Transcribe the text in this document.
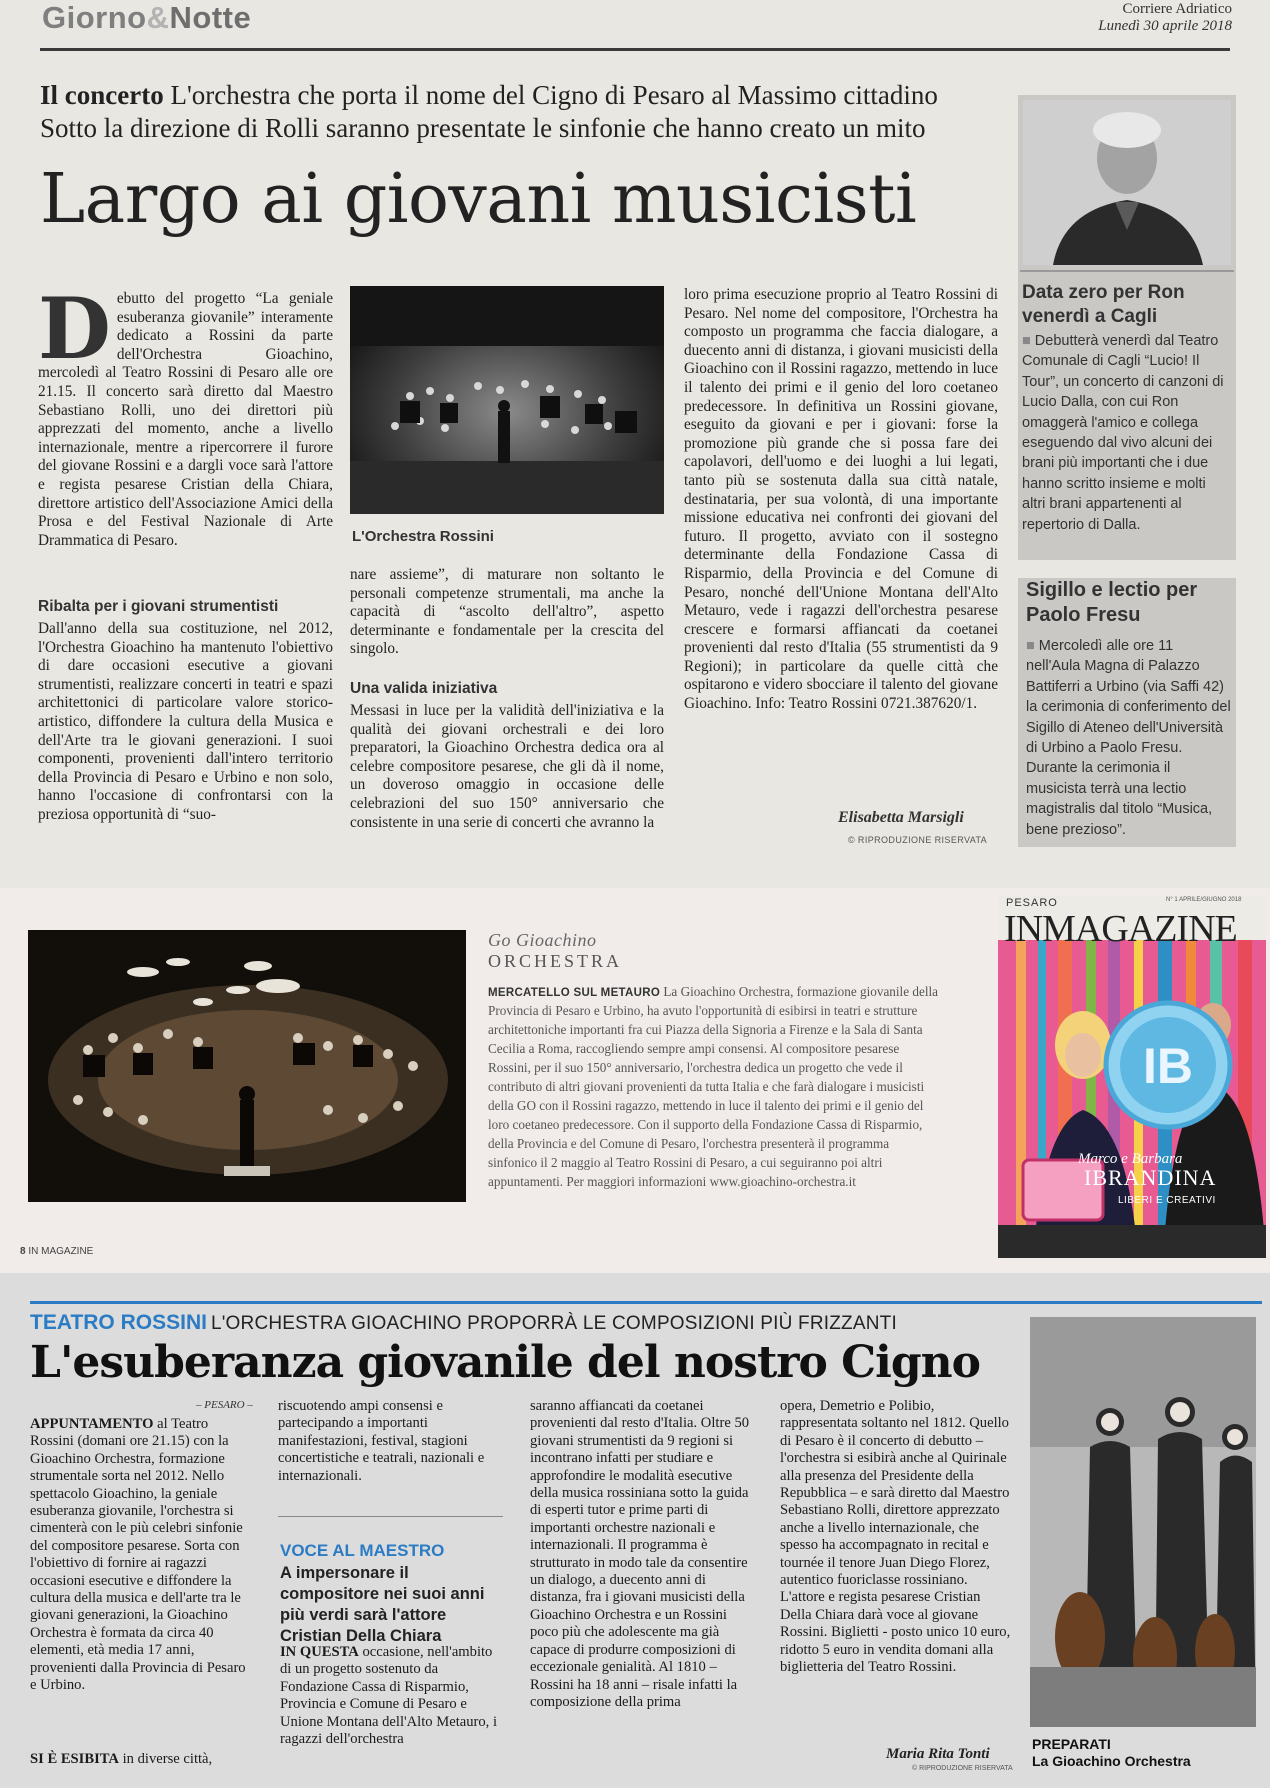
Giorno&Notte	Corriere Adriatico
Lunedì 30 aprile 2018
Il concerto L'orchestra che porta il nome del Cigno di Pesaro al Massimo cittadino
Sotto la direzione di Rolli saranno presentate le sinfonie che hanno creato un mito
Largo ai giovani musicisti
Debutto del progetto “La geniale esuberanza giovanile” interamente dedicato a Rossini da parte dell'Orchestra Gioachino, mercoledì al Teatro Rossini di Pesaro alle ore 21.15. Il concerto sarà diretto dal Maestro Sebastiano Rolli, uno dei direttori più apprezzati del momento, anche a livello internazionale, mentre a ripercorrere il furore del giovane Rossini e a dargli voce sarà l'attore e regista pesarese Cristian della Chiara, direttore artistico dell'Associazione Amici della Prosa e del Festival Nazionale di Arte Drammatica di Pesaro.
Ribalta per i giovani strumentisti
Dall'anno della sua costituzione, nel 2012, l'Orchestra Gioachino ha mantenuto l'obiettivo di dare occasioni esecutive a giovani strumentisti, realizzare concerti in teatri e spazi architettonici di particolare valore storico-artistico, diffondere la cultura della Musica e dell'Arte tra le giovani generazioni. I suoi componenti, provenienti dall'intero territorio della Provincia di Pesaro e Urbino e non solo, hanno l'occasione di confrontarsi con la preziosa opportunità di “suo-
L'Orchestra Rossini
nare assieme”, di maturare non soltanto le personali competenze strumentali, ma anche la capacità di “ascolto dell'altro”, aspetto determinante e fondamentale per la crescita del singolo.
Una valida iniziativa
Messasi in luce per la validità dell'iniziativa e la qualità dei giovani orchestrali e dei loro preparatori, la Gioachino Orchestra dedica ora al celebre compositore pesarese, che gli dà il nome, un doveroso omaggio in occasione delle celebrazioni del suo 150° anniversario che consistente in una serie di concerti che avranno la
loro prima esecuzione proprio al Teatro Rossini di Pesaro. Nel nome del compositore, l'Orchestra ha composto un programma che faccia dialogare, a duecento anni di distanza, i giovani musicisti della Gioachino con il Rossini ragazzo, mettendo in luce il talento dei primi e il genio del loro coetaneo predecessore. In definitiva un Rossini giovane, eseguito da giovani e per i giovani: forse la promozione più grande che si possa fare dei capolavori, dell'uomo e dei luoghi a lui legati, tanto più se sostenuta dalla sua città natale, destinataria, per sua volontà, di una importante missione educativa nei confronti dei giovani del futuro. Il progetto, avviato con il sostegno determinante della Fondazione Cassa di Risparmio, della Provincia e del Comune di Pesaro, nonché dell'Unione Montana dell'Alto Metauro, vede i ragazzi dell'orchestra pesarese crescere e formarsi affiancati da coetanei provenienti dal resto d'Italia (55 strumentisti da 9 Regioni); in particolare da quelle città che ospitarono e videro sbocciare il talento del giovane Gioachino. Info: Teatro Rossini 0721.387620/1.
Elisabetta Marsigli
© RIPRODUZIONE RISERVATA
Data zero per Ron venerdì a Cagli
■ Debutterà venerdì dal Teatro Comunale di Cagli “Lucio! Il Tour”, un concerto di canzoni di Lucio Dalla, con cui Ron omaggerà l'amico e collega eseguendo dal vivo alcuni dei brani più importanti che i due hanno scritto insieme e molti altri brani appartenenti al repertorio di Dalla.
Sigillo e lectio per Paolo Fresu
■ Mercoledì alle ore 11 nell'Aula Magna di Palazzo Battiferri a Urbino (via Saffi 42) la cerimonia di conferimento del Sigillo di Ateneo dell'Università di Urbino a Paolo Fresu. Durante la cerimonia il musicista terrà una lectio magistralis dal titolo “Musica, bene prezioso”.
Go Gioachino
ORCHESTRA
MERCATELLO SUL METAURO La Gioachino Orchestra, formazione giovanile della Provincia di Pesaro e Urbino, ha avuto l'opportunità di esibirsi in teatri e strutture architettoniche importanti fra cui Piazza della Signoria a Firenze e la Sala di Santa Cecilia a Roma, raccogliendo sempre ampi consensi. Al compositore pesarese Rossini, per il suo 150° anniversario, l'orchestra dedica un progetto che vede il contributo di altri giovani provenienti da tutta Italia e che farà dialogare i musicisti della GO con il Rossini ragazzo, mettendo in luce il talento dei primi e il genio del loro coetaneo predecessore. Con il supporto della Fondazione Cassa di Risparmio, della Provincia e del Comune di Pesaro, l'orchestra presenterà il programma sinfonico il 2 maggio al Teatro Rossini di Pesaro, a cui seguiranno poi altri appuntamenti. Per maggiori informazioni www.gioachino-orchestra.it
8 IN MAGAZINE
PESARO
INMAGAZINE
N° 1 APRILE/GIUGNO 2018
IB
Marco e Barbara
IBRANDINA
LIBERI E CREATIVI
TEATRO ROSSINI L'ORCHESTRA GIOACHINO PROPORRÀ LE COMPOSIZIONI PIÙ FRIZZANTI
L'esuberanza giovanile del nostro Cigno
– PESARO –
APPUNTAMENTO al Teatro Rossini (domani ore 21.15) con la Gioachino Orchestra, formazione strumentale sorta nel 2012. Nello spettacolo Gioachino, la geniale esuberanza giovanile, l'orchestra si cimenterà con le più celebri sinfonie del compositore pesarese. Sorta con l'obiettivo di fornire ai ragazzi occasioni esecutive e diffondere la cultura della musica e dell'arte tra le giovani generazioni, la Gioachino Orchestra è formata da circa 40 elementi, età media 17 anni, provenienti dalla Provincia di Pesaro e Urbino.
SI È ESIBITA in diverse città,
riscuotendo ampi consensi e partecipando a importanti manifestazioni, festival, stagioni concertistiche e teatrali, nazionali e internazionali.
VOCE AL MAESTRO
A impersonare il compositore nei suoi anni più verdi sarà l'attore Cristian Della Chiara
IN QUESTA occasione, nell'ambito di un progetto sostenuto da Fondazione Cassa di Risparmio, Provincia e Comune di Pesaro e Unione Montana dell'Alto Metauro, i ragazzi dell'orchestra
saranno affiancati da coetanei provenienti dal resto d'Italia. Oltre 50 giovani strumentisti da 9 regioni si incontrano infatti per studiare e approfondire le modalità esecutive della musica rossiniana sotto la guida di esperti tutor e prime parti di importanti orchestre nazionali e internazionali. Il programma è strutturato in modo tale da consentire un dialogo, a duecento anni di distanza, fra i giovani musicisti della Gioachino Orchestra e un Rossini poco più che adolescente ma già capace di produrre composizioni di eccezionale genialità. Al 1810 – Rossini ha 18 anni – risale infatti la composizione della prima
opera, Demetrio e Polibio, rappresentata soltanto nel 1812. Quello di Pesaro è il concerto di debutto – l'orchestra si esibirà anche al Quirinale alla presenza del Presidente della Repubblica – e sarà diretto dal Maestro Sebastiano Rolli, direttore apprezzato anche a livello internazionale, che spesso ha accompagnato in recital e tournée il tenore Juan Diego Florez, autentico fuoriclasse rossiniano. L'attore e regista pesarese Cristian Della Chiara darà voce al giovane Rossini. Biglietti - posto unico 10 euro, ridotto 5 euro in vendita domani alla biglietteria del Teatro Rossini.
Maria Rita Tonti
© RIPRODUZIONE RISERVATA
PREPARATI
La Gioachino Orchestra
